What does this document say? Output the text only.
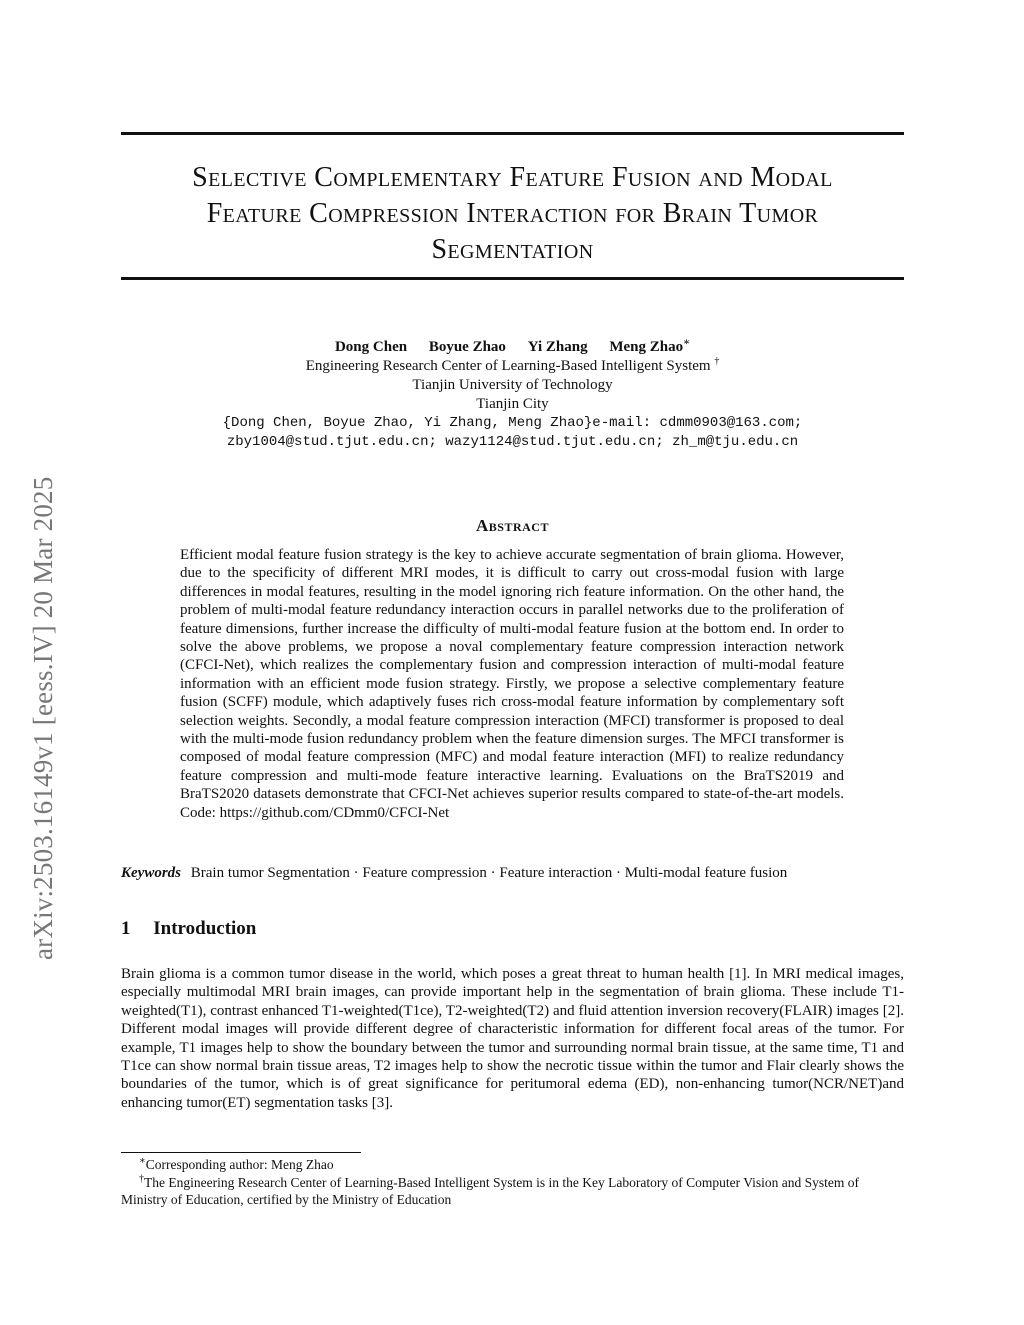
arXiv:2503.16149v1 [eess.IV] 20 Mar 2025
Selective Complementary Feature Fusion and Modal
Feature Compression Interaction for Brain Tumor
Segmentation
Dong Chen Boyue Zhao Yi Zhang Meng Zhao∗
Engineering Research Center of Learning-Based Intelligent System †
Tianjin University of Technology
Tianjin City
{Dong Chen, Boyue Zhao, Yi Zhang, Meng Zhao}e-mail: cdmm0903@163.com;
zby1004@stud.tjut.edu.cn; wazy1124@stud.tjut.edu.cn; zh_m@tju.edu.cn
Abstract

Efficient modal feature fusion strategy is the key to achieve accurate segmentation of brain glioma. However, due to the specificity of different MRI modes, it is difficult to carry out cross-modal fusion with large differences in modal features, resulting in the model ignoring rich feature information. On the other hand, the problem of multi-modal feature redundancy interaction occurs in parallel networks due to the proliferation of feature dimensions, further increase the difficulty of multi-modal feature fusion at the bottom end. In order to solve the above problems, we propose a noval complementary feature compression interaction network (CFCI-Net), which realizes the complementary fusion and compression interaction of multi-modal feature information with an efficient mode fusion strategy. Firstly, we propose a selective complementary feature fusion (SCFF) module, which adaptively fuses rich cross-modal feature information by complementary soft selection weights. Secondly, a modal feature compression interaction (MFCI) transformer is proposed to deal with the multi-mode fusion redundancy problem when the feature dimension surges. The MFCI transformer is composed of modal feature compression (MFC) and modal feature interaction (MFI) to realize redundancy feature compression and multi-mode feature interactive learning. Evaluations on the BraTS2019 and BraTS2020 datasets demonstrate that CFCI-Net achieves superior results compared to state-of-the-art models. Code: https://github.com/CDmm0/CFCI-Net

Keywords Brain tumor Segmentation · Feature compression · Feature interaction · Multi-modal feature fusion
1 Introduction

Brain glioma is a common tumor disease in the world, which poses a great threat to human health [1]. In MRI medical images, especially multimodal MRI brain images, can provide important help in the segmentation of brain glioma. These include T1-weighted(T1), contrast enhanced T1-weighted(T1ce), T2-weighted(T2) and fluid attention inversion recovery(FLAIR) images [2]. Different modal images will provide different degree of characteristic information for different focal areas of the tumor. For example, T1 images help to show the boundary between the tumor and surrounding normal brain tissue, at the same time, T1 and T1ce can show normal brain tissue areas, T2 images help to show the necrotic tissue within the tumor and Flair clearly shows the boundaries of the tumor, which is of great significance for peritumoral edema (ED), non-enhancing tumor(NCR/NET)and enhancing tumor(ET) segmentation tasks [3].

∗Corresponding author: Meng Zhao

†The Engineering Research Center of Learning-Based Intelligent System is in the Key Laboratory of Computer Vision and System of Ministry of Education, certified by the Ministry of Education
